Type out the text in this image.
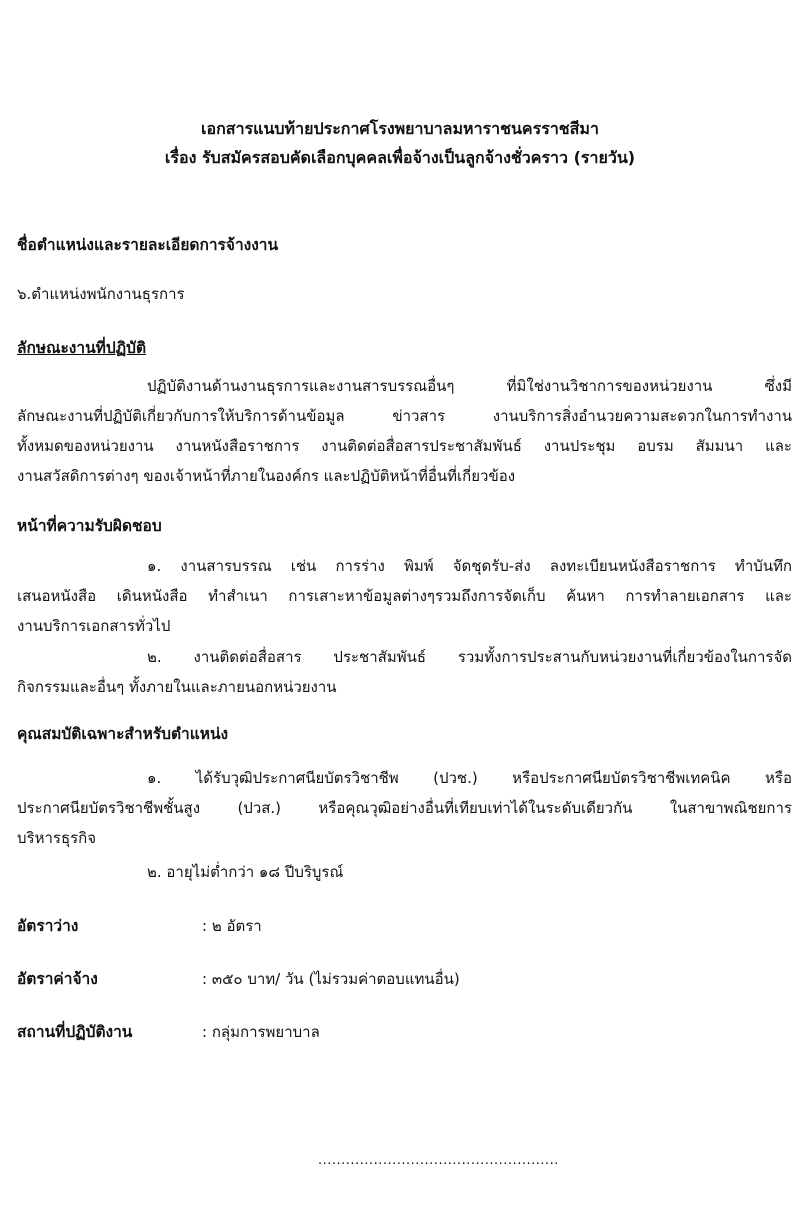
เอกสารแนบท้ายประกาศโรงพยาบาลมหาราชนครราชสีมา
เรื่อง รับสมัครสอบคัดเลือกบุคคลเพื่อจ้างเป็นลูกจ้างชั่วคราว (รายวัน)
ชื่อตำแหน่งและรายละเอียดการจ้างงาน
๖.ตำแหน่งพนักงานธุรการ
ลักษณะงานที่ปฏิบัติ
ปฏิบัติงานด้านงานธุรการและงานสารบรรณอื่นๆ ที่มิใช่งานวิชาการของหน่วยงาน ซึ่งมี
ลักษณะงานที่ปฏิบัติเกี่ยวกับการให้บริการด้านข้อมูล ข่าวสาร งานบริการสิ่งอำนวยความสะดวกในการทำงาน
ทั้งหมดของหน่วยงาน งานหนังสือราชการ งานติดต่อสื่อสารประชาสัมพันธ์ งานประชุม อบรม สัมมนา และ
งานสวัสดิการต่างๆ ของเจ้าหน้าที่ภายในองค์กร และปฏิบัติหน้าที่อื่นที่เกี่ยวข้อง
หน้าที่ความรับผิดชอบ
๑. งานสารบรรณ เช่น การร่าง พิมพ์ จัดชุดรับ-ส่ง ลงทะเบียนหนังสือราชการ ทำบันทึก
เสนอหนังสือ เดินหนังสือ ทำสำเนา การเสาะหาข้อมูลต่างๆรวมถึงการจัดเก็บ ค้นหา การทำลายเอกสาร และ
งานบริการเอกสารทั่วไป
๒. งานติดต่อสื่อสาร ประชาสัมพันธ์ รวมทั้งการประสานกับหน่วยงานที่เกี่ยวข้องในการจัด
กิจกรรมและอื่นๆ ทั้งภายในและภายนอกหน่วยงาน
คุณสมบัติเฉพาะสำหรับตำแหน่ง
๑. ได้รับวุฒิประกาศนียบัตรวิชาชีพ (ปวช.) หรือประกาศนียบัตรวิชาชีพเทคนิค หรือ
ประกาศนียบัตรวิชาชีพชั้นสูง (ปวส.) หรือคุณวุฒิอย่างอื่นที่เทียบเท่าได้ในระดับเดียวกัน ในสาขาพณิชยการ
บริหารธุรกิจ
๒. อายุไม่ต่ำกว่า ๑๘ ปีบริบูรณ์
อัตราว่าง	: ๒ อัตรา
อัตราค่าจ้าง	: ๓๕๐ บาท/ วัน (ไม่รวมค่าตอบแทนอื่น)
สถานที่ปฏิบัติงาน	: กลุ่มการพยาบาล
....................................................
